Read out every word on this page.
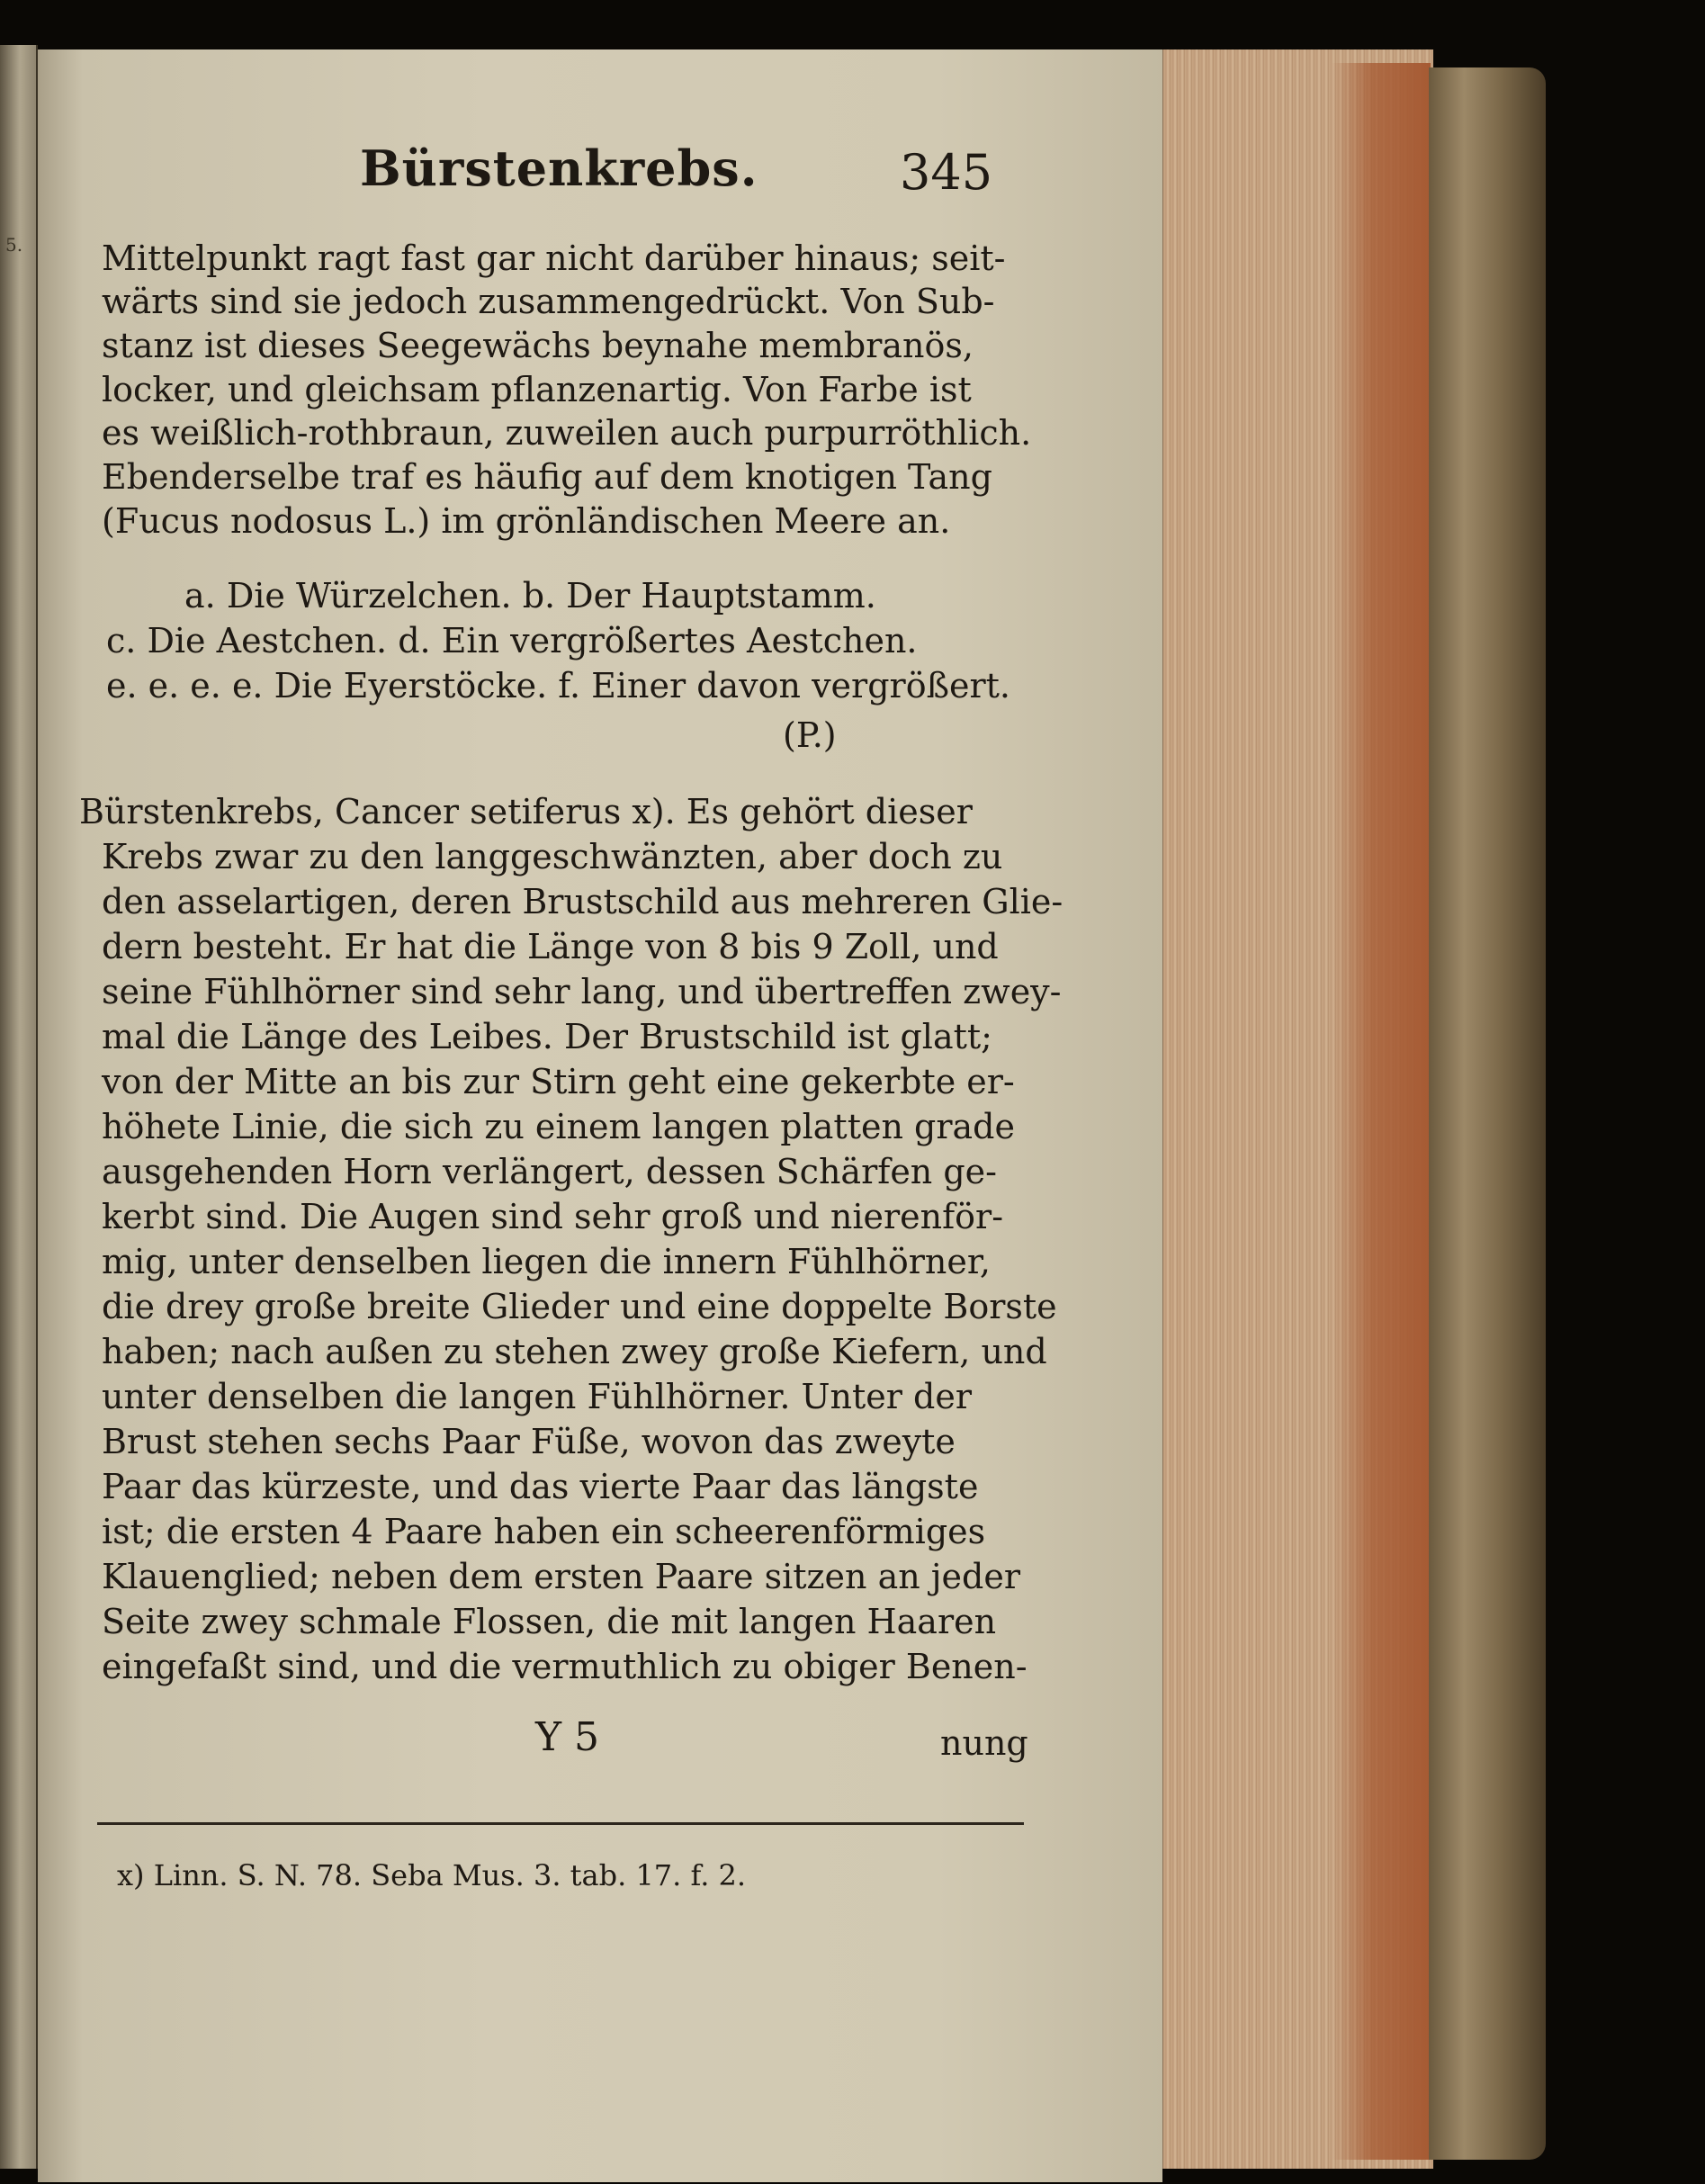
5.
Bürstenkrebs.	345
Mittelpunkt ragt fast gar nicht darüber hinaus; seit-
wärts sind sie jedoch zusammengedrückt. Von Sub-
stanz ist dieses Seegewächs beynahe membranös,
locker, und gleichsam pflanzenartig. Von Farbe ist
es weißlich-rothbraun, zuweilen auch purpurröthlich.
Ebenderselbe traf es häufig auf dem knotigen Tang
(Fucus nodosus L.) im grönländischen Meere an.
a. Die Würzelchen. b. Der Hauptstamm.
c. Die Aestchen. d. Ein vergrößertes Aestchen.
e. e. e. e. Die Eyerstöcke. f. Einer davon vergrößert.
(P.)
Bürstenkrebs, Cancer setiferus x). Es gehört dieser
Krebs zwar zu den langgeschwänzten, aber doch zu
den asselartigen, deren Brustschild aus mehreren Glie-
dern besteht. Er hat die Länge von 8 bis 9 Zoll, und
seine Fühlhörner sind sehr lang, und übertreffen zwey-
mal die Länge des Leibes. Der Brustschild ist glatt;
von der Mitte an bis zur Stirn geht eine gekerbte er-
höhete Linie, die sich zu einem langen platten grade
ausgehenden Horn verlängert, dessen Schärfen ge-
kerbt sind. Die Augen sind sehr groß und nierenför-
mig, unter denselben liegen die innern Fühlhörner,
die drey große breite Glieder und eine doppelte Borste
haben; nach außen zu stehen zwey große Kiefern, und
unter denselben die langen Fühlhörner. Unter der
Brust stehen sechs Paar Füße, wovon das zweyte
Paar das kürzeste, und das vierte Paar das längste
ist; die ersten 4 Paare haben ein scheerenförmiges
Klauenglied; neben dem ersten Paare sitzen an jeder
Seite zwey schmale Flossen, die mit langen Haaren
eingefaßt sind, und die vermuthlich zu obiger Benen-
Y 5	nung
x) Linn. S. N. 78. Seba Mus. 3. tab. 17. f. 2.
